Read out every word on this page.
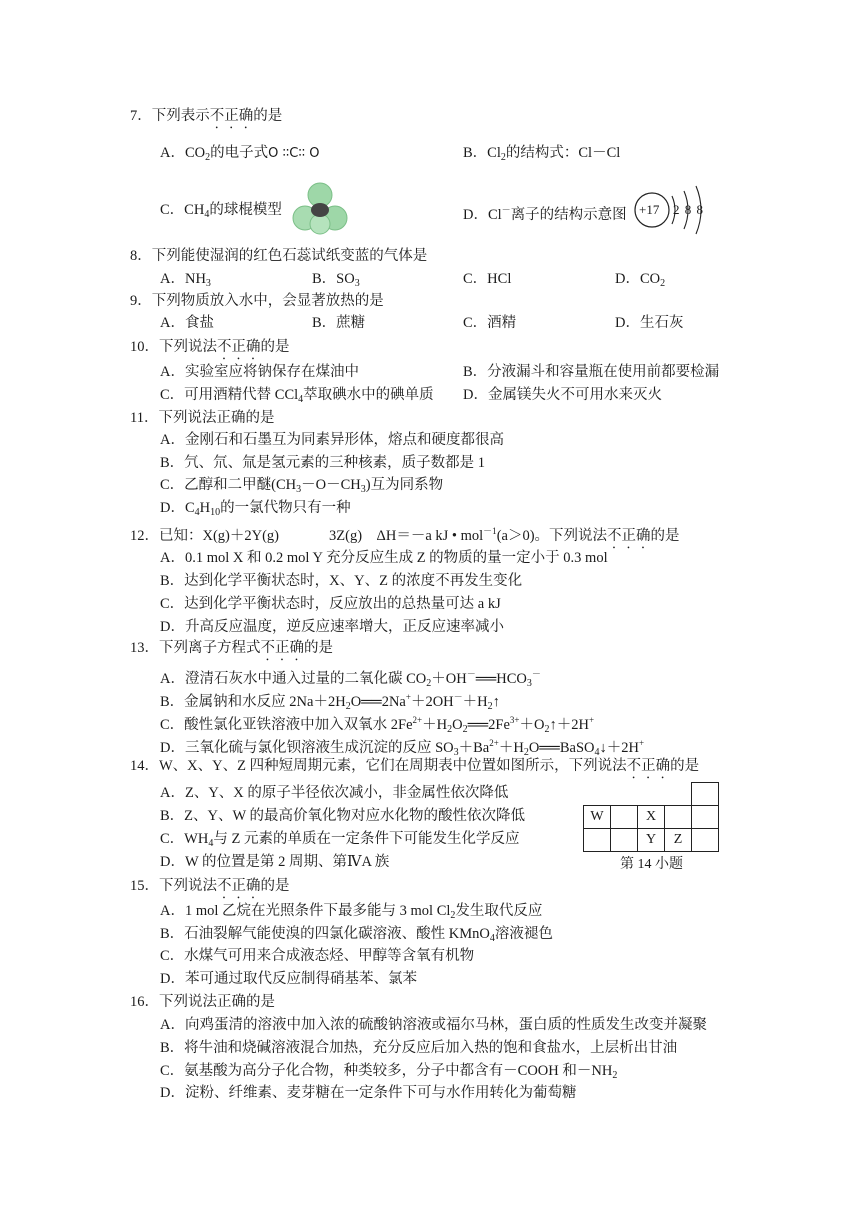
7．下列表示不正确的是
A．$CO_2$的电子式O ∶∶C∶∶ O	B．$Cl_2$的结构式：Cl－Cl
C．$CH_4$的球棍模型	D．Cl－离子的结构示意图 +17 2 8 8
8．下列能使湿润的红色石蕊试纸变蓝的气体是
A．$NH_3$	B．$SO_3$	C．HCl	D．$CO_2$
9．下列物质放入水中，会显著放热的是
A．食盐	B．蔗糖	C．酒精	D．生石灰
10．下列说法不正确的是
A．实验室应将钠保存在煤油中	B．分液漏斗和容量瓶在使用前都要检漏
C．可用酒精代替 CCl$_4$萃取碘水中的碘单质 D．金属镁失火不可用水来灭火
11．下列说法正确的是
A．金刚石和石墨互为同素异形体，熔点和硬度都很高
B．氕、氘、氚是氢元素的三种核素，质子数都是 1
C．乙醇和二甲醚$(CH_3-O-CH_3)$互为同系物
D．$C_4H_{10}$的一氯代物只有一种
12．已知：X(g)＋2Y(g)	3Z(g)　ΔH＝－a kJ • mol$^{-1}$(a＞0)。下列说法不正确的是
A．0.1 mol X 和 0.2 mol Y 充分反应生成 Z 的物质的量一定小于 0.3 mol
B．达到化学平衡状态时，X、Y、Z 的浓度不再发生变化
C．达到化学平衡状态时，反应放出的总热量可达 a kJ
D．升高反应温度，逆反应速率增大，正反应速率减小
13．下列离子方程式不正确的是
A．澄清石灰水中通入过量的二氧化碳 $CO_2+OH^-══HCO_3^-$
B．金属钠和水反应 $2Na+2H_2O══2Na^++2OH^-+H_2↑$
C．酸性氯化亚铁溶液中加入双氧水 $2Fe^{2+}+H_2O_2══2Fe^{3+}+O_2↑+2H^+$
D．三氧化硫与氯化钡溶液生成沉淀的反应 $SO_3+Ba^{2+}+H_2O══BaSO_4↓+2H^+$
14．W、X、Y、Z 四种短周期元素，它们在周期表中位置如图所示，下列说法不正确的是
A．Z、Y、X 的原子半径依次减小，非金属性依次降低
B．Z、Y、W 的最高价氧化物对应水化物的酸性依次降低
C．$WH_4$与 Z 元素的单质在一定条件下可能发生化学反应
D．W 的位置是第 2 周期、第ⅣA 族

W		X		
		Y	Z	
第 14 小题
15．下列说法不正确的是
A．1 mol 乙烷在光照条件下最多能与 3 mol $Cl_2$发生取代反应
B．石油裂解气能使溴的四氯化碳溶液、酸性 KMnO$_4$溶液褪色
C．水煤气可用来合成液态烃、甲醇等含氧有机物
D．苯可通过取代反应制得硝基苯、氯苯
16．下列说法正确的是
A．向鸡蛋清的溶液中加入浓的硫酸钠溶液或福尔马林，蛋白质的性质发生改变并凝聚
B．将牛油和烧碱溶液混合加热，充分反应后加入热的饱和食盐水，上层析出甘油
C．氨基酸为高分子化合物，种类较多，分子中都含有－COOH 和$-NH_2$
D．淀粉、纤维素、麦芽糖在一定条件下可与水作用转化为葡萄糖
